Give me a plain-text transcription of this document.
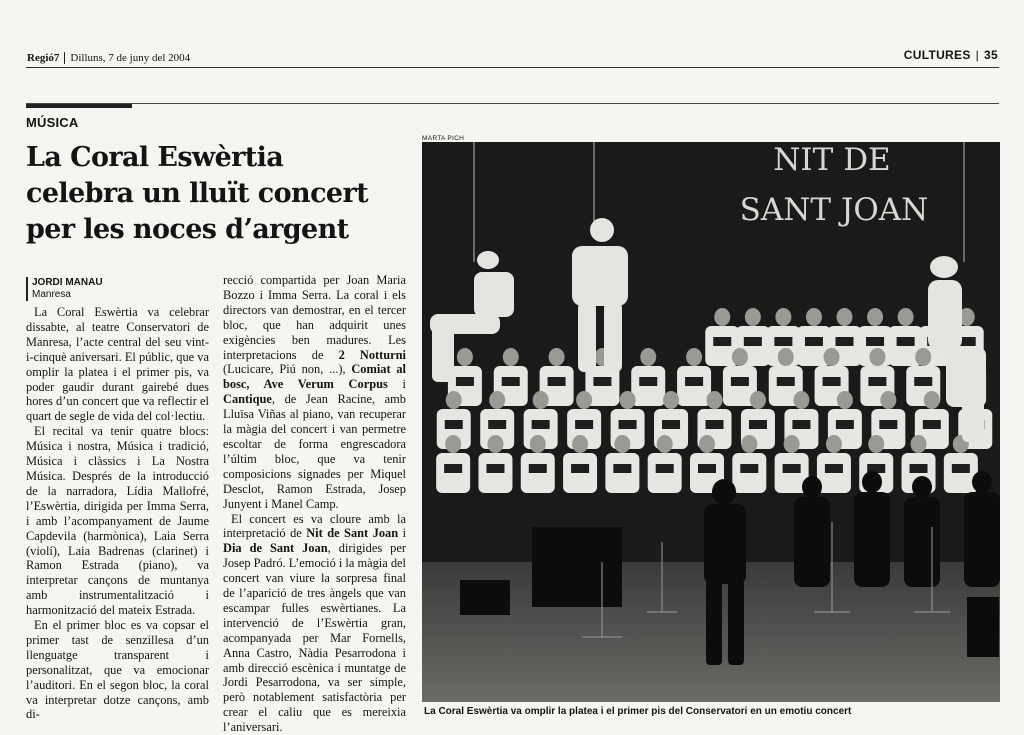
Regió7 Dilluns, 7 de juny del 2004	CULTURES | 35
MÚSICA
La Coral Eswèrtia
celebra un lluït concert
per les noces d’argent
JORDI MANAU
Manresa

La Coral Eswèrtia va celebrar dissabte, al teatre Conservatori de Manresa, l’acte central del seu vint-i-cinquè aniversari. El públic, que va omplir la platea i el primer pis, va poder gaudir durant gairebé dues hores d’un concert que va reflectir el quart de segle de vida del col·lectiu.

El recital va tenir quatre blocs: Música i nostra, Música i tradició, Música i clàssics i La Nostra Música. Després de la introducció de la narradora, Lídia Mallofré, l’Eswèrtia, dirigida per Imma Serra, i amb l’acompanyament de Jaume Capdevila (harmònica), Laia Serra (violí), Laia Badrenas (clarinet) i Ramon Estrada (piano), va interpretar cançons de muntanya amb instrumentalització i harmonització del mateix Estrada.

En el primer bloc es va copsar el primer tast de senzillesa d’un llenguatge transparent i personalitzat, que va emocionar l’auditori. En el segon bloc, la coral va interpretar dotze cançons, amb di-

recció compartida per Joan Maria Bozzo i Imma Serra. La coral i els directors van demostrar, en el tercer bloc, que han adquirit unes exigències ben madures. Les interpretacions de 2 Notturni (Lucicare, Piú non, ...), Comiat al bosc, Ave Verum Corpus i Cantique, de Jean Racine, amb Lluïsa Viñas al piano, van recuperar la màgia del concert i van permetre escoltar de forma engrescadora l’últim bloc, que va tenir composicions signades per Miquel Desclot, Ramon Estrada, Josep Junyent i Manel Camp.

El concert es va cloure amb la interpretació de Nit de Sant Joan i Dia de Sant Joan, dirigides per Josep Padró. L’emoció i la màgia del concert van viure la sorpresa final de l’aparició de tres àngels que van escampar fulles eswèrtianes. La intervenció de l’Eswèrtia gran, acompanyada per Mar Fornells, Anna Castro, Nàdia Pesarrodona i amb direcció escènica i muntatge de Jordi Pesarrodona, va ser simple, però notablement satisfactòria per crear el caliu que es mereixia l’aniversari.

MARTA PICH
NIT DE
SANT JOAN
La Coral Eswèrtia va omplir la platea i el primer pis del Conservatori en un emotiu concert
